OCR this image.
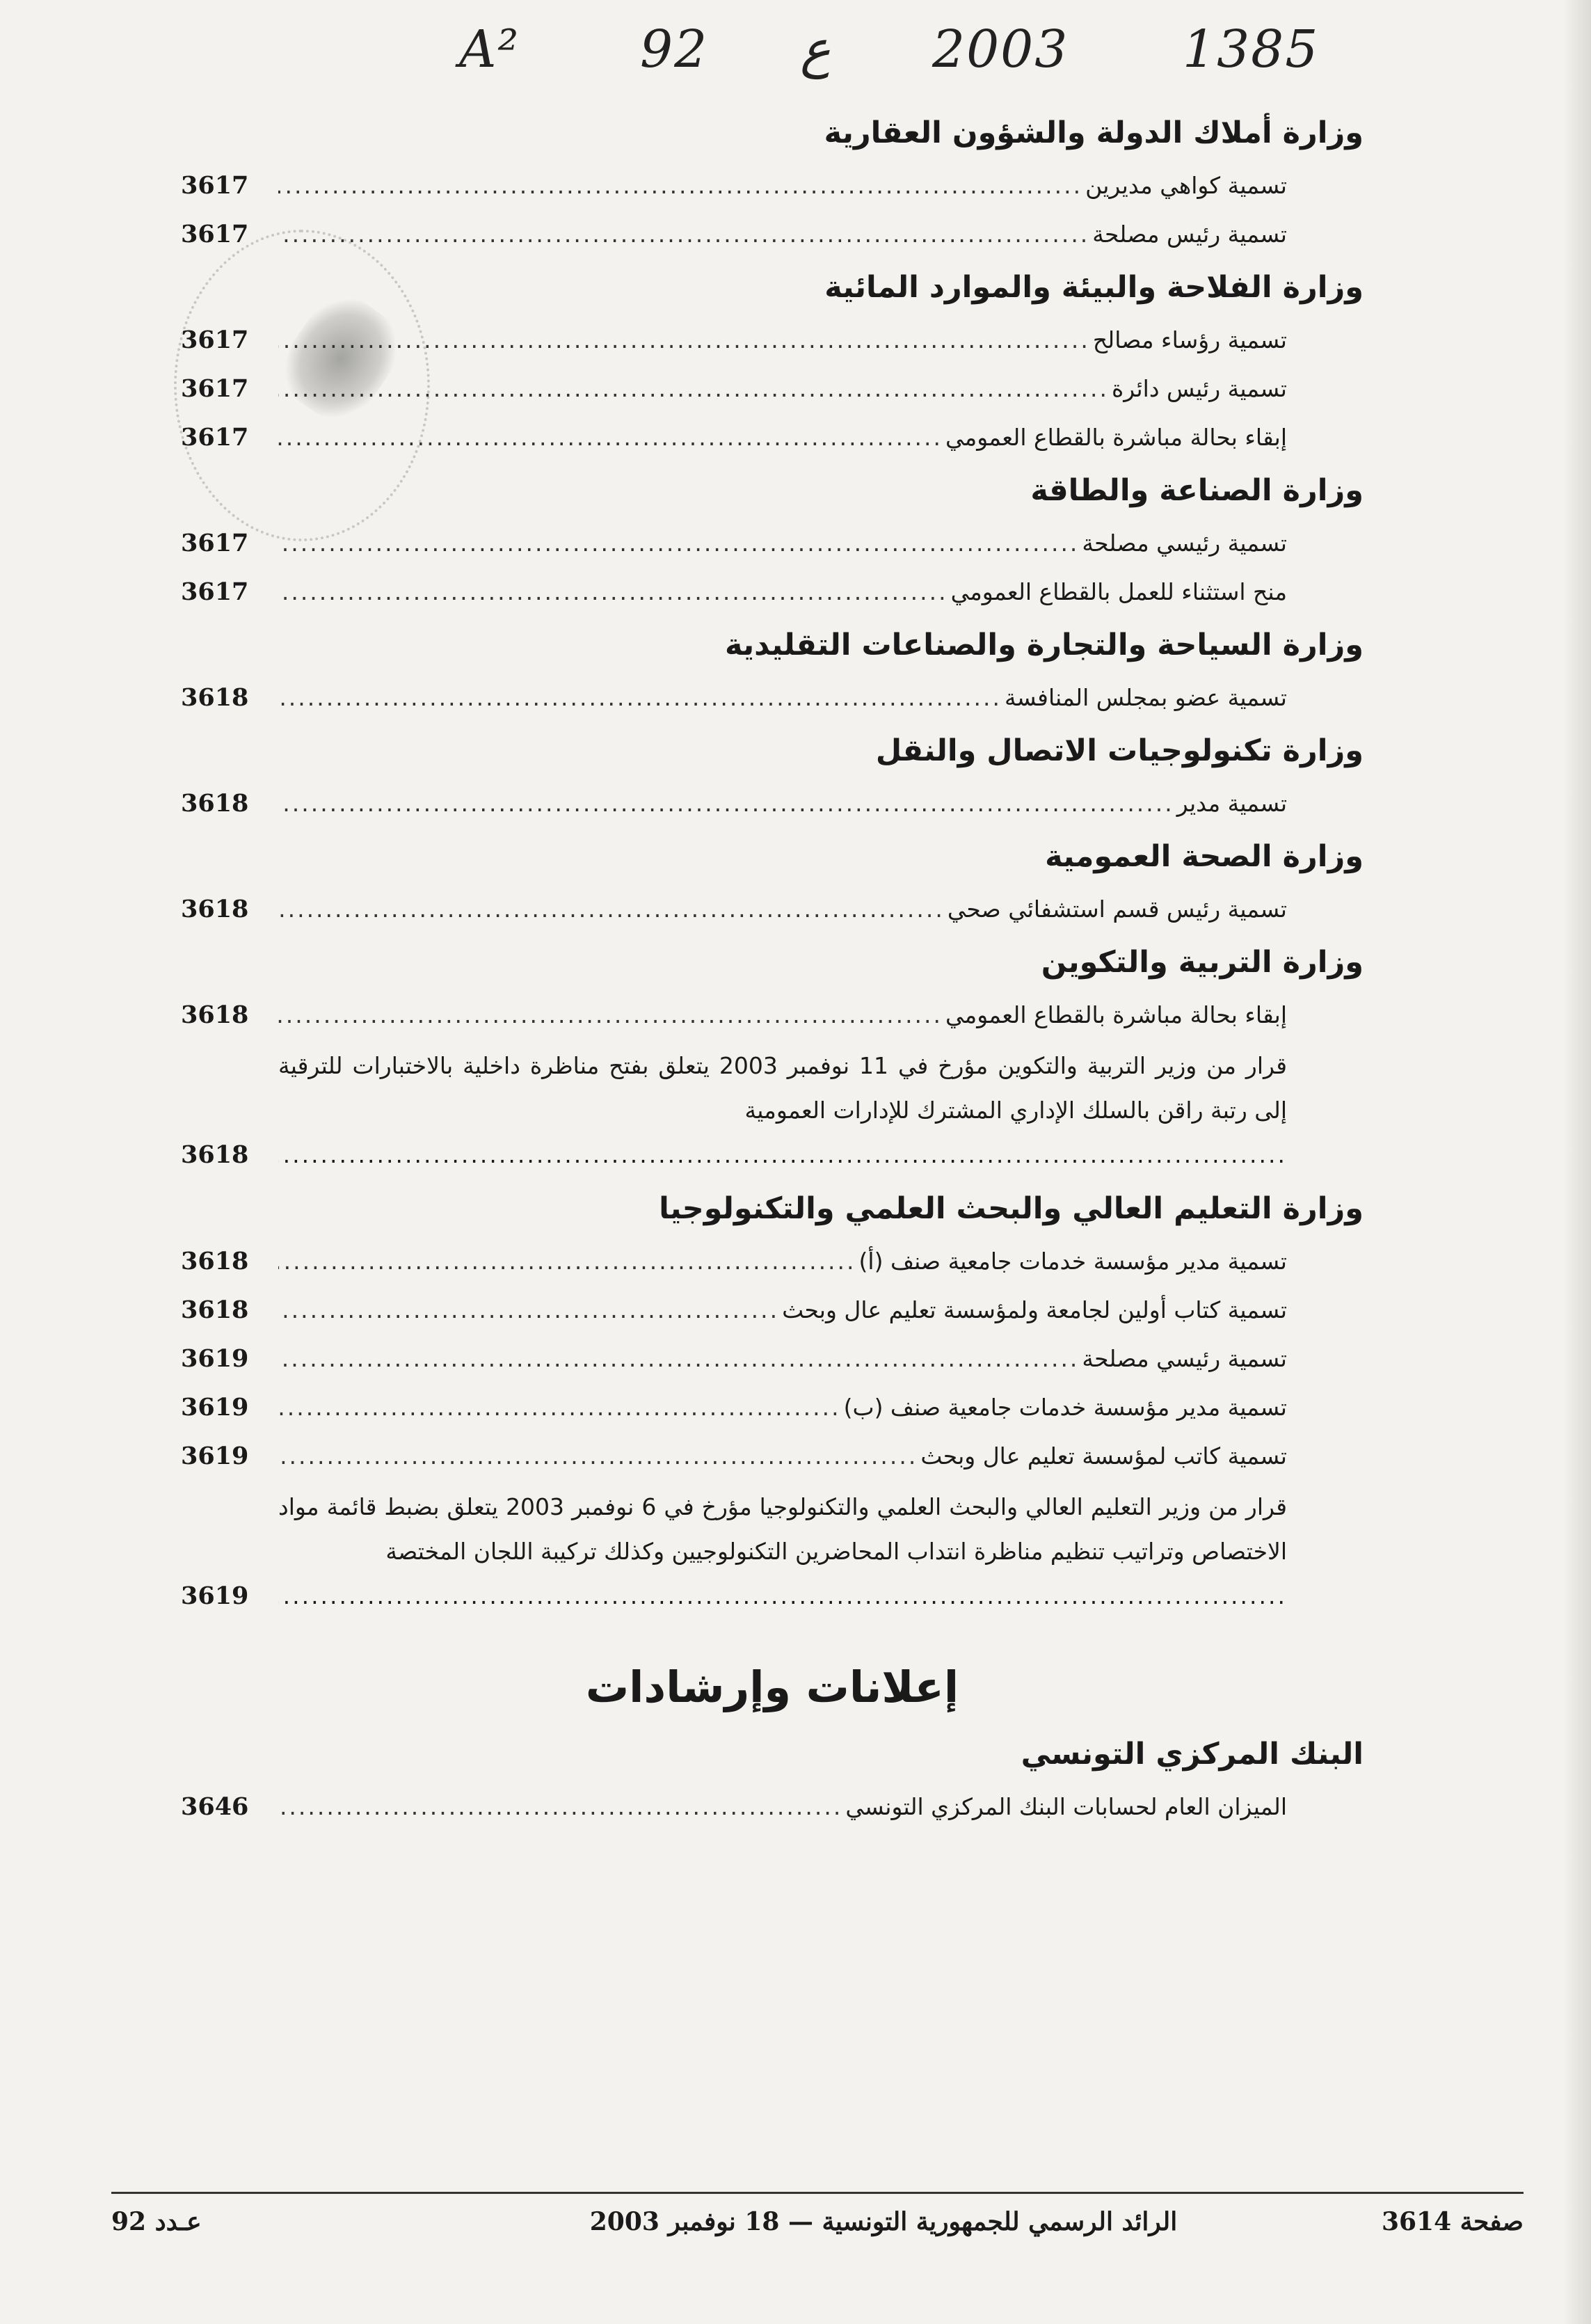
A² 92 ع 2003 1385
وزارة أملاك الدولة والشؤون العقارية
تسمية كواهي مديرين
.....
3617
تسمية رئيس مصلحة
.....
3617
وزارة الفلاحة والبيئة والموارد المائية
تسمية رؤساء مصالح
.....
3617
تسمية رئيس دائرة
.....
3617
إبقاء بحالة مباشرة بالقطاع العمومي
.....
3617
وزارة الصناعة والطاقة
تسمية رئيسي مصلحة
.....
3617
منح استثناء للعمل بالقطاع العمومي
.....
3617
وزارة السياحة والتجارة والصناعات التقليدية
تسمية عضو بمجلس المنافسة
.....
3618
وزارة تكنولوجيات الاتصال والنقل
تسمية مدير
.....
3618
وزارة الصحة العمومية
تسمية رئيس قسم استشفائي صحي
.....
3618
وزارة التربية والتكوين
إبقاء بحالة مباشرة بالقطاع العمومي
.....
3618
قرار من وزير التربية والتكوين مؤرخ في 11 نوفمبر 2003 يتعلق بفتح مناظرة داخلية بالاختبارات للترقية إلى رتبة راقن بالسلك الإداري المشترك للإدارات العمومية
.....
3618
وزارة التعليم العالي والبحث العلمي والتكنولوجيا
تسمية مدير مؤسسة خدمات جامعية صنف (أ)
.....
3618
تسمية كتاب أولين لجامعة ولمؤسسة تعليم عال وبحث
.....
3618
تسمية رئيسي مصلحة
.....
3619
تسمية مدير مؤسسة خدمات جامعية صنف (ب)
.....
3619
تسمية كاتب لمؤسسة تعليم عال وبحث
.....
3619
قرار من وزير التعليم العالي والبحث العلمي والتكنولوجيا مؤرخ في 6 نوفمبر 2003 يتعلق بضبط قائمة مواد الاختصاص وتراتيب تنظيم مناظرة انتداب المحاضرين التكنولوجيين وكذلك تركيبة اللجان المختصة
.....
3619
إعلانات وإرشادات
البنك المركزي التونسي
الميزان العام لحسابات البنك المركزي التونسي
.....
3646
عـدد 92	الرائد الرسمي للجمهورية التونسية — 18 نوفمبر 2003	صفحة 3614
